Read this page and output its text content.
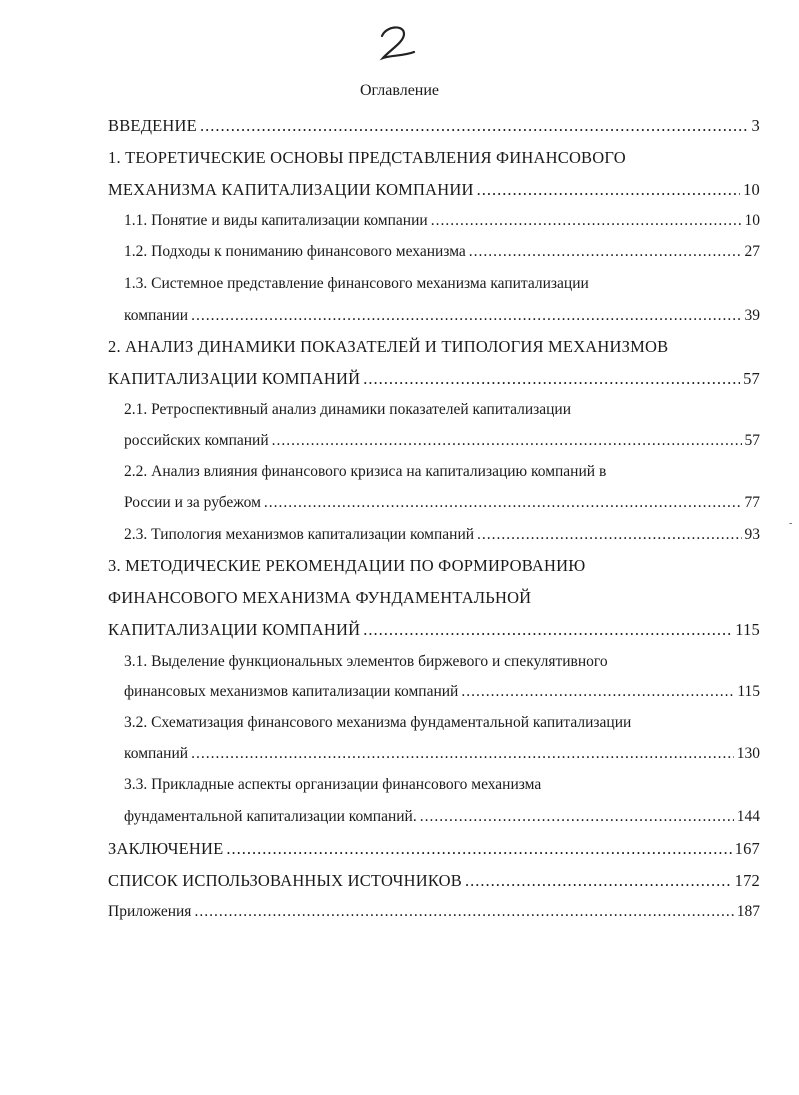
Оглавление
ВВЕДЕНИЕ .....	3
1. ТЕОРЕТИЧЕСКИЕ ОСНОВЫ ПРЕДСТАВЛЕНИЯ ФИНАНСОВОГО
МЕХАНИЗМА КАПИТАЛИЗАЦИИ КОМПАНИИ .....	10
1.1. Понятие и виды капитализации компании .....	10
1.2. Подходы к пониманию финансового механизма .....	27
1.3. Системное представление финансового механизма капитализации
компании .....	39
2. АНАЛИЗ ДИНАМИКИ ПОКАЗАТЕЛЕЙ И ТИПОЛОГИЯ МЕХАНИЗМОВ
КАПИТАЛИЗАЦИИ КОМПАНИЙ .....	57
2.1. Ретроспективный анализ динамики показателей капитализации
российских компаний .....	57
2.2. Анализ влияния финансового кризиса на капитализацию компаний в
России и за рубежом .....	77
2.3. Типология механизмов капитализации компаний .....	93
3. МЕТОДИЧЕСКИЕ РЕКОМЕНДАЦИИ ПО ФОРМИРОВАНИЮ
ФИНАНСОВОГО МЕХАНИЗМА ФУНДАМЕНТАЛЬНОЙ
КАПИТАЛИЗАЦИИ КОМПАНИЙ .....	115
3.1. Выделение функциональных элементов биржевого и спекулятивного
финансовых механизмов капитализации компаний .....	115
3.2. Схематизация финансового механизма фундаментальной капитализации
компаний .....	130
3.3. Прикладные аспекты организации финансового механизма
фундаментальной капитализации компаний. .....	144
ЗАКЛЮЧЕНИЕ .....	167
СПИСОК ИСПОЛЬЗОВАННЫХ ИСТОЧНИКОВ .....	172
Приложения .....	187
-
